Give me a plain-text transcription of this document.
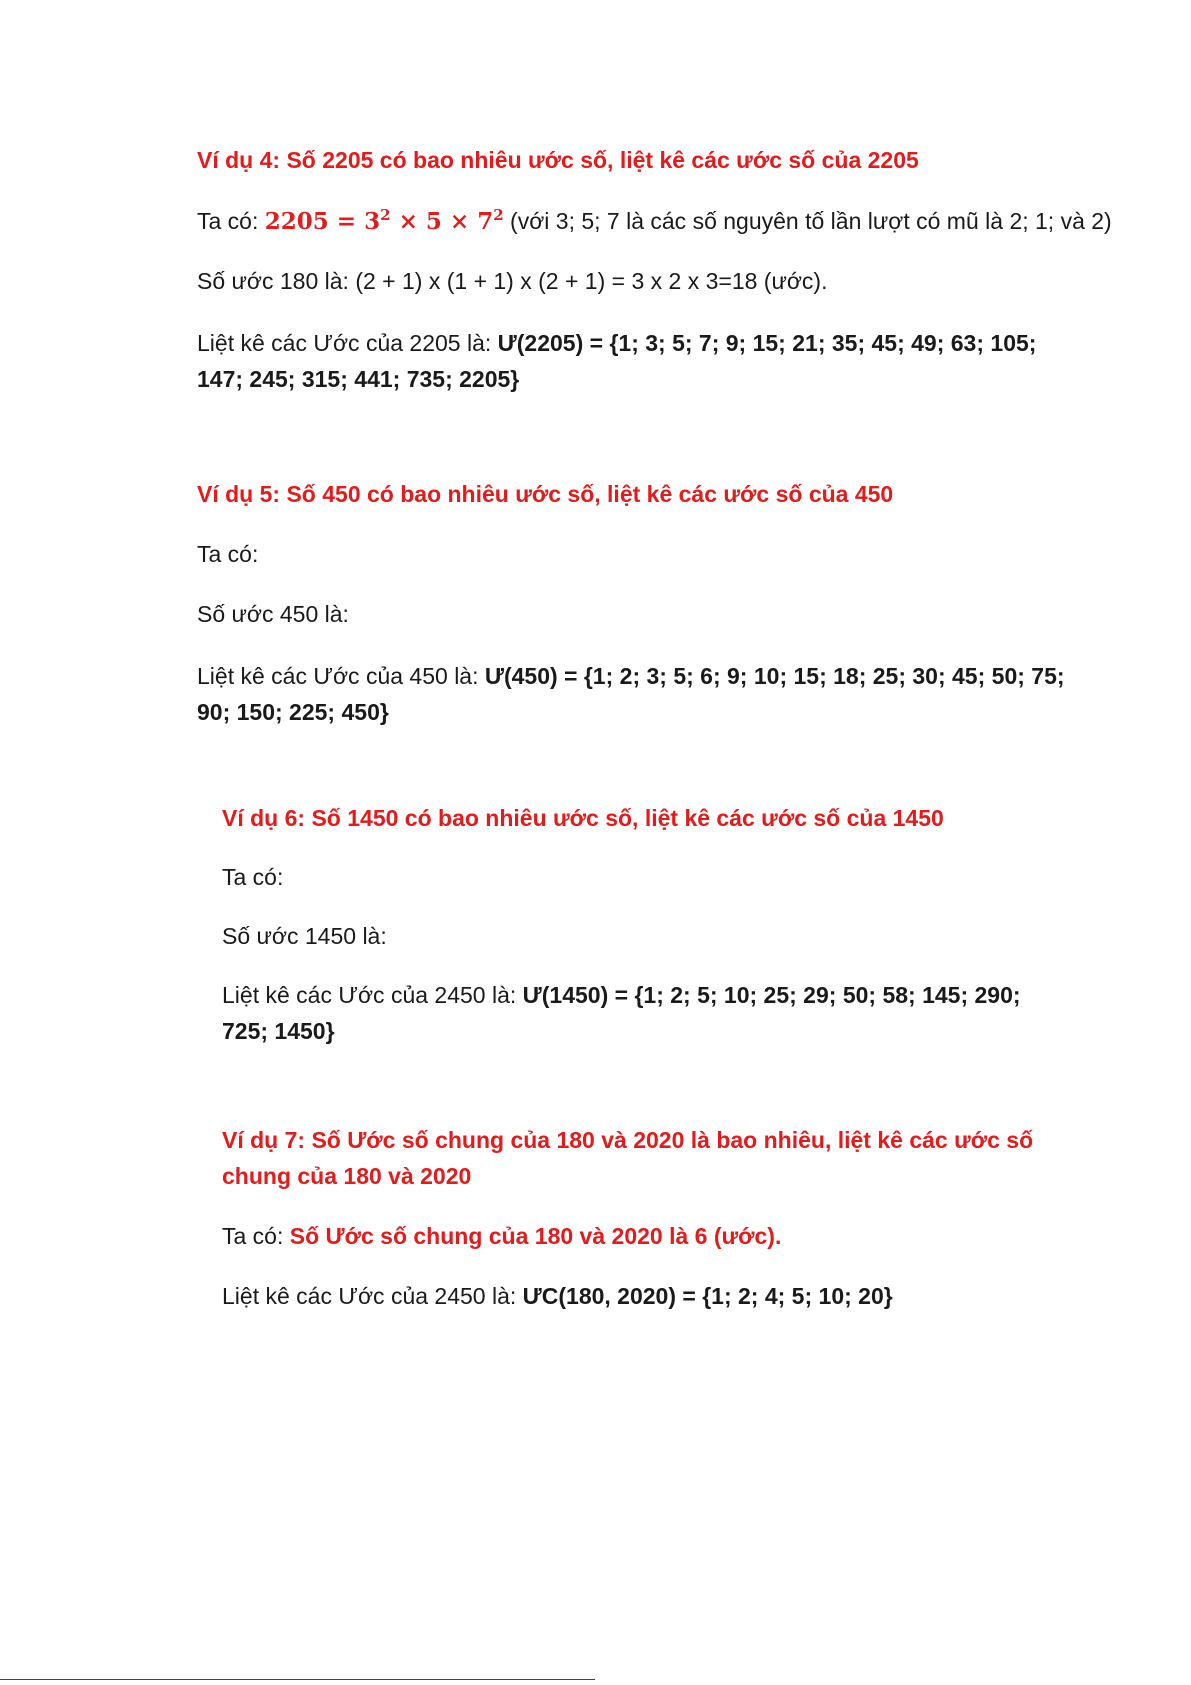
Ví dụ 4: Số 2205 có bao nhiêu ước số, liệt kê các ước số của 2205

Ta có: $2205 = 3^2 \times 5 \times 7^2$ (với 3; 5; 7 là các số nguyên tố lần lượt có mũ là 2; 1; và 2)

Số ước 180 là: (2 + 1) x (1 + 1) x (2 + 1) = 3 x 2 x 3=18 (ước).

Liệt kê các Ước của 2205 là: Ư(2205) = {1; 3; 5; 7; 9; 15; 21; 35; 45; 49; 63; 105; 147; 245; 315; 441; 735; 2205}

Ví dụ 5: Số 450 có bao nhiêu ước số, liệt kê các ước số của 450

Ta có:

Số ước 450 là:

Liệt kê các Ước của 450 là: Ư(450) = {1; 2; 3; 5; 6; 9; 10; 15; 18; 25; 30; 45; 50; 75; 90; 150; 225; 450}

Ví dụ 6: Số 1450 có bao nhiêu ước số, liệt kê các ước số của 1450

Ta có:

Số ước 1450 là:

Liệt kê các Ước của 2450 là: Ư(1450) = {1; 2; 5; 10; 25; 29; 50; 58; 145; 290; 725; 1450}

Ví dụ 7: Số Ước số chung của 180 và 2020 là bao nhiêu, liệt kê các ước số chung của 180 và 2020

Ta có: Số Ước số chung của 180 và 2020 là 6 (ước).

Liệt kê các Ước của 2450 là: ƯC(180, 2020) = {1; 2; 4; 5; 10; 20}
